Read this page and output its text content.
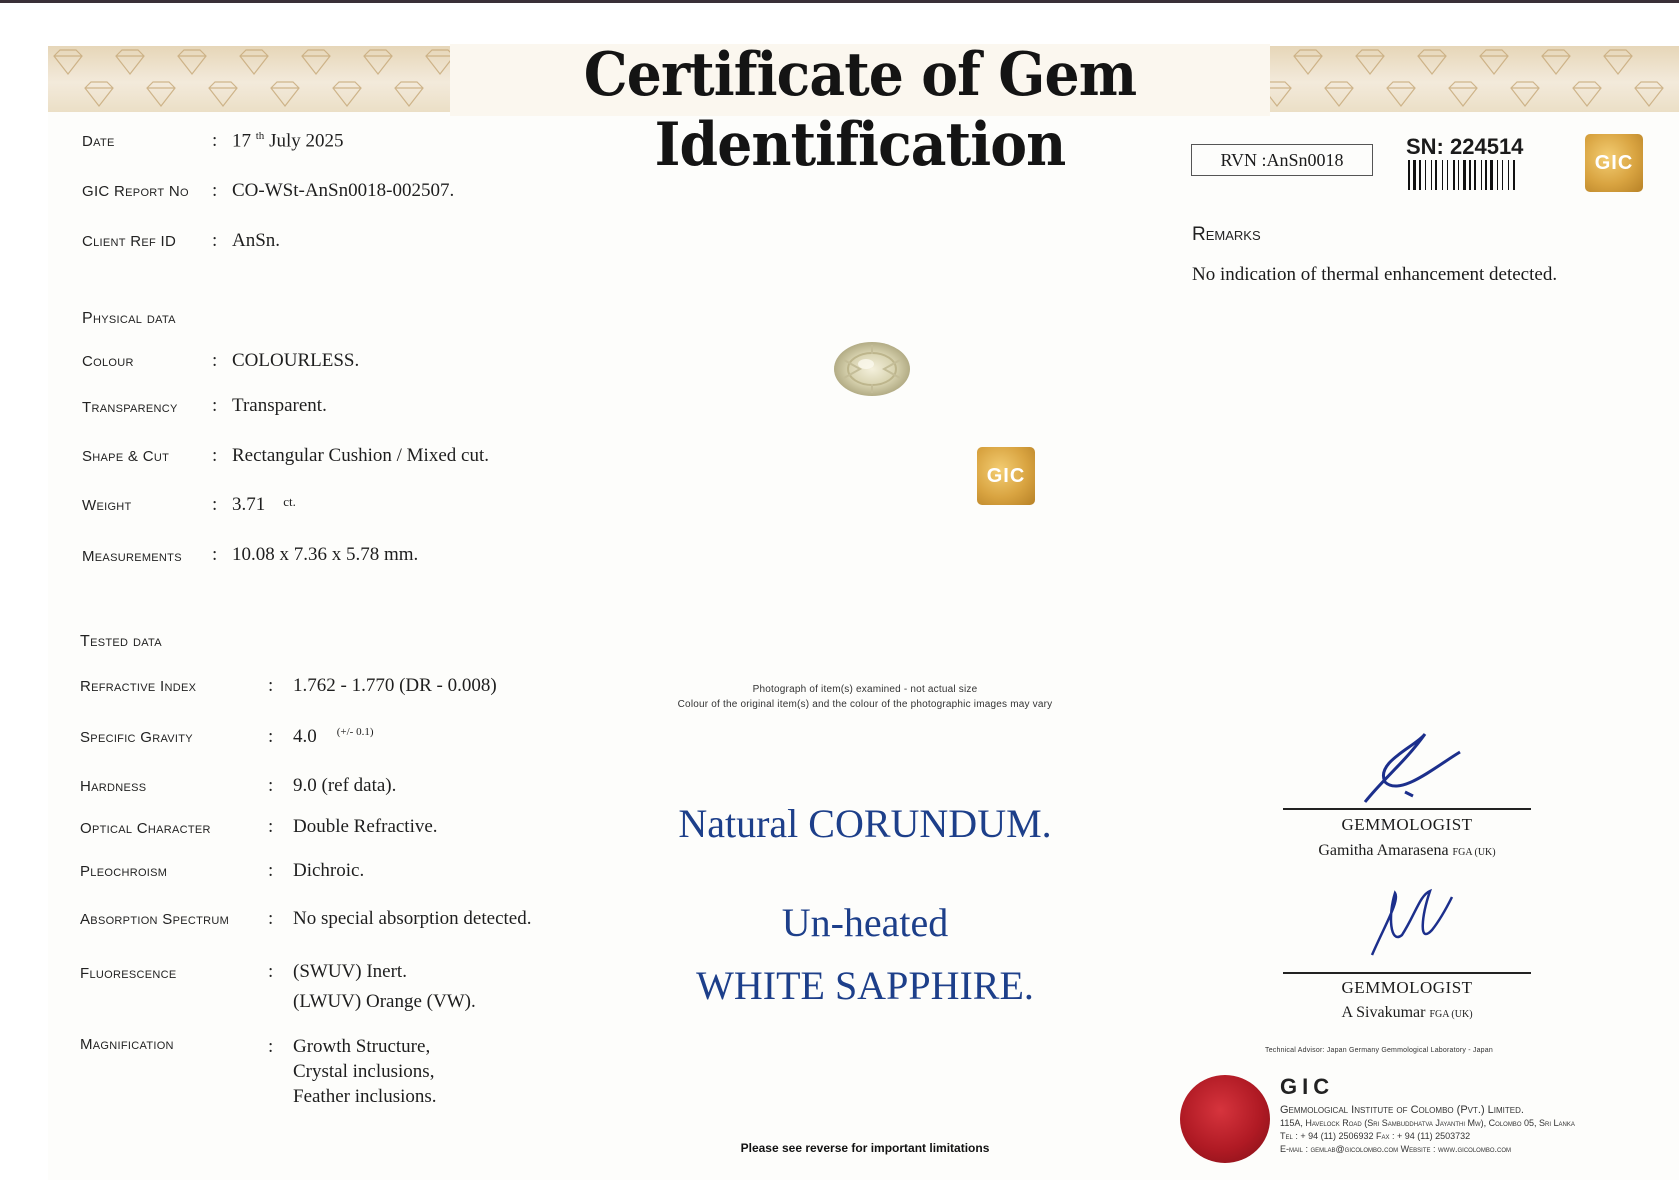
Certificate of Gem Identification
Date	: 17 $^{th}$ July 2025
GIC Report No : CO-WSt-AnSn0018-002507.
Client Ref ID : AnSn.
Physical data
Colour	: COLOURLESS.
Transparency : Transparent.
Shape & Cut : Rectangular Cushion / Mixed cut.
Weight	: 3.71 $^{ct.}$
Measurements : 10.08 x 7.36 x 5.78 mm.
Tested data
Refractive Index	: 1.762 - 1.770 (DR - 0.008)
Specific Gravity	: 4.0 $^{(+/- 0.1)}$
Hardness	: 9.0 (ref data).
Optical Character	: Double Refractive.
Pleochroism	: Dichroic.
Absorption Spectrum : No special absorption detected.
Fluorescence	: (SWUV) Inert.
(LWUV) Orange (VW).
Magnification	: Growth Structure,
Crystal inclusions,
Feather inclusions.
GIC
RVN :AnSn0018
SN: 224514
GIC
Remarks
No indication of thermal enhancement detected.
Photograph of item(s) examined - not actual size
Colour of the original item(s) and the colour of the photographic images may vary
Natural CORUNDUM.
Un-heated
WHITE SAPPHIRE.
GEMMOLOGIST
Gamitha Amarasena FGA (UK)
GEMMOLOGIST
A Sivakumar FGA (UK)
Technical Advisor: Japan Germany Gemmological Laboratory - Japan
GIC
Gemmological Institute of Colombo (Pvt.) Limited.
115A, Havelock Road (Sri Sambuddhatva Jayanthi Mw), Colombo 05, Sri Lanka
Tel : + 94 (11) 2506932 Fax : + 94 (11) 2503732
E-mail : gemlab@gicolombo.com Website : www.gicolombo.com
Please see reverse for important limitations
